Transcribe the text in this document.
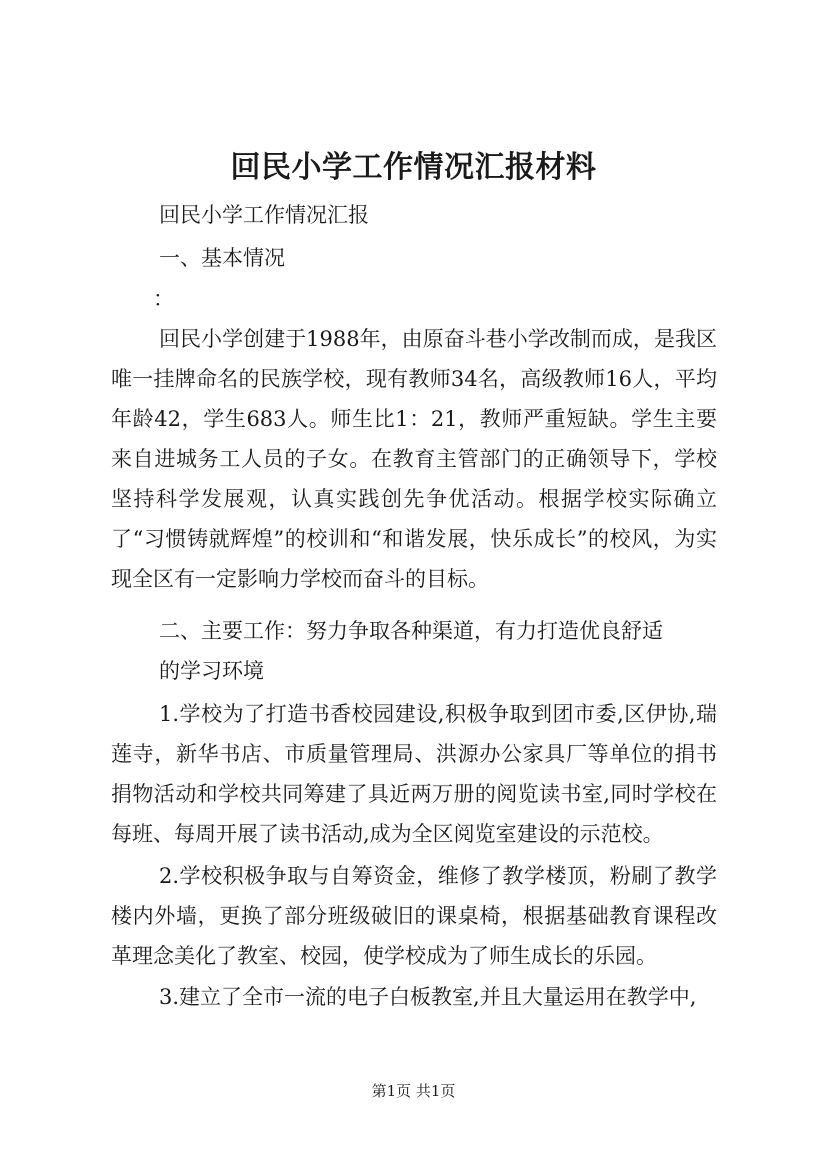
回民小学工作情况汇报材料

回民小学工作情况汇报

一、基本情况

：

回民小学创建于1988年，由原奋斗巷小学改制而成，是我区唯一挂牌命名的民族学校，现有教师34名，高级教师16人，平均年龄42，学生683人。师生比1：21，教师严重短缺。学生主要来自进城务工人员的子女。在教育主管部门的正确领导下，学校坚持科学发展观，认真实践创先争优活动。根据学校实际确立了“习惯铸就辉煌”的校训和“和谐发展，快乐成长”的校风，为实现全区有一定影响力学校而奋斗的目标。

二、主要工作：努力争取各种渠道，有力打造优良舒适

的学习环境

1.学校为了打造书香校园建设,积极争取到团市委,区伊协,瑞莲寺，新华书店、市质量管理局、洪源办公家具厂等单位的捐书捐物活动和学校共同筹建了具近两万册的阅览读书室,同时学校在每班、每周开展了读书活动,成为全区阅览室建设的示范校。

2.学校积极争取与自筹资金，维修了教学楼顶，粉刷了教学楼内外墙，更换了部分班级破旧的课桌椅，根据基础教育课程改革理念美化了教室、校园，使学校成为了师生成长的乐园。

3.建立了全市一流的电子白板教室,并且大量运用在教学中,

第1页 共1页
